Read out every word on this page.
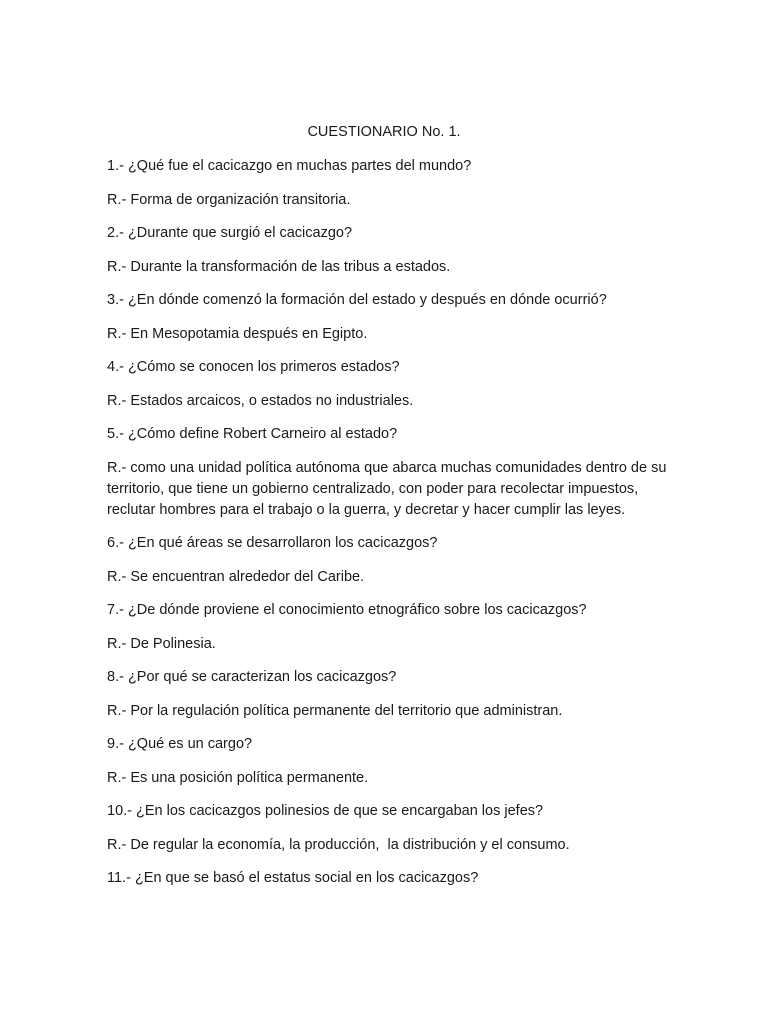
CUESTIONARIO No. 1.

1.- ¿Qué fue el cacicazgo en muchas partes del mundo?

R.- Forma de organización transitoria.

2.- ¿Durante que surgió el cacicazgo?

R.- Durante la transformación de las tribus a estados.

3.- ¿En dónde comenzó la formación del estado y después en dónde ocurrió?

R.- En Mesopotamia después en Egipto.

4.- ¿Cómo se conocen los primeros estados?

R.- Estados arcaicos, o estados no industriales.

5.- ¿Cómo define Robert Carneiro al estado?

R.- como una unidad política autónoma que abarca muchas comunidades dentro de su territorio, que tiene un gobierno centralizado, con poder para recolectar impuestos, reclutar hombres para el trabajo o la guerra, y decretar y hacer cumplir las leyes.

6.- ¿En qué áreas se desarrollaron los cacicazgos?

R.- Se encuentran alrededor del Caribe.

7.- ¿De dónde proviene el conocimiento etnográfico sobre los cacicazgos?

R.- De Polinesia.

8.- ¿Por qué se caracterizan los cacicazgos?

R.- Por la regulación política permanente del territorio que administran.

9.- ¿Qué es un cargo?

R.- Es una posición política permanente.

10.- ¿En los cacicazgos polinesios de que se encargaban los jefes?

R.- De regular la economía, la producción,  la distribución y el consumo.

11.- ¿En que se basó el estatus social en los cacicazgos?
